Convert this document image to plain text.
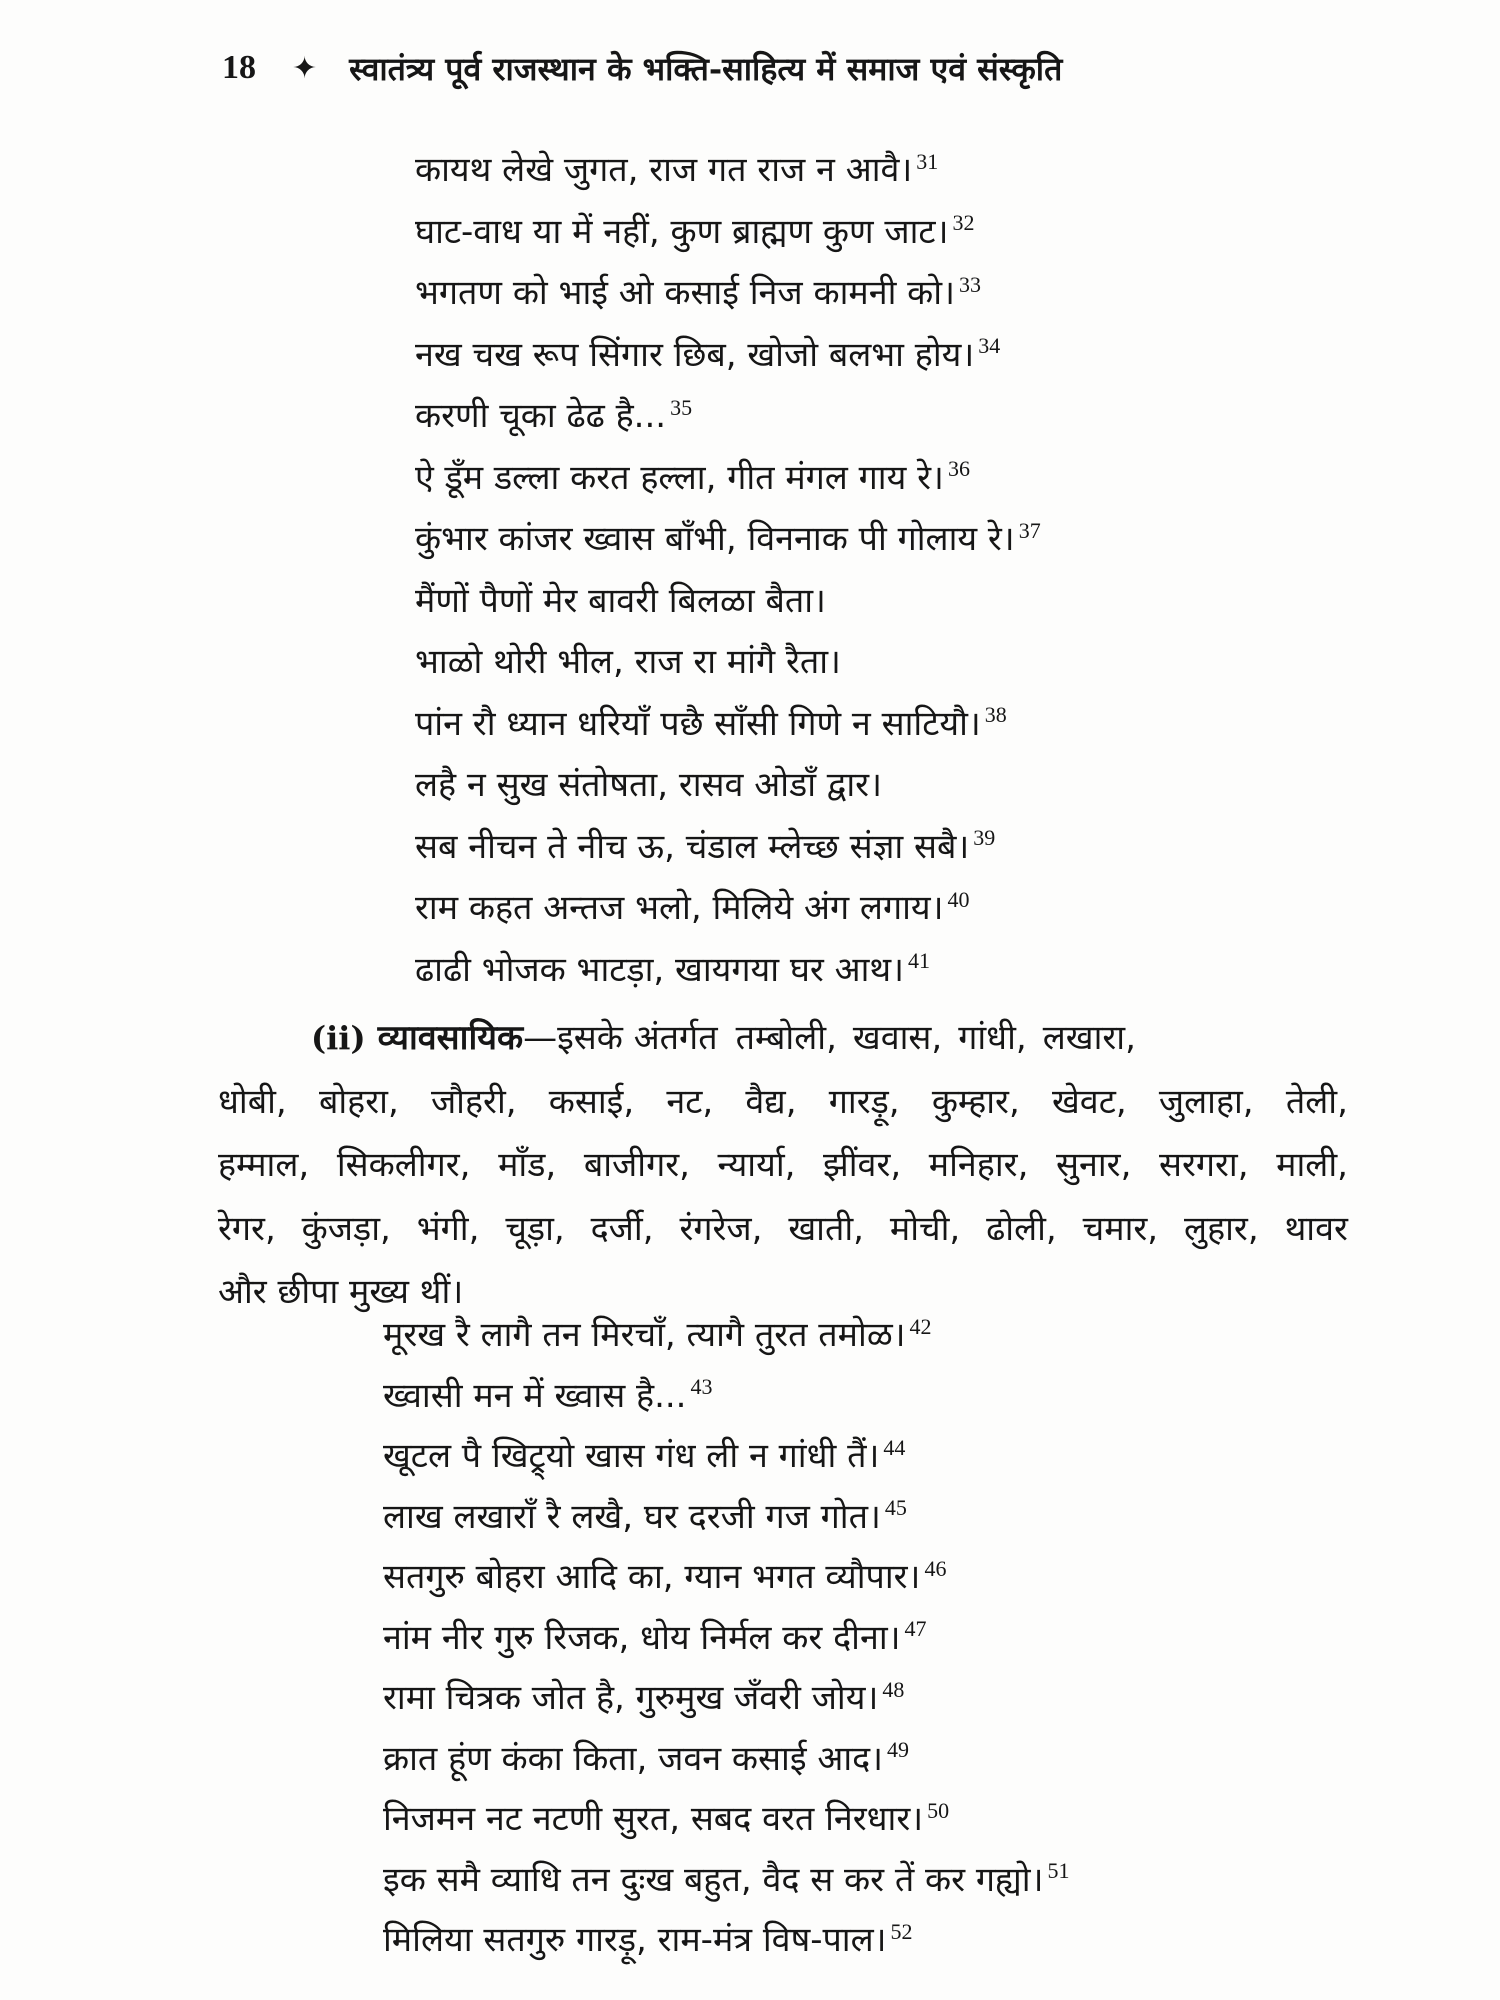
18 ✦ स्वातंत्र्य पूर्व राजस्थान के भक्ति-साहित्य में समाज एवं संस्कृति
कायथ लेखे जुगत, राज गत राज न आवै। $^{31}$
घाट-वाध या में नहीं, कुण ब्राह्मण कुण जाट। $^{32}$
भगतण को भाई ओ कसाई निज कामनी को। $^{33}$
नख चख रूप सिंगार छिब, खोजो बलभा होय। $^{34}$
करणी चूका ढेढ है... $^{35}$
ऐ डूँम डल्ला करत हल्ला, गीत मंगल गाय रे। $^{36}$
कुंभार कांजर ख्वास बाँभी, विननाक पी गोलाय रे। $^{37}$
मैंणों पैणों मेर बावरी बिलळा बैता।
भाळो थोरी भील, राज रा मांगै रैता।
पांन रौ ध्यान धरियाँ पछै साँसी गिणे न साटियौ। $^{38}$
लहै न सुख संतोषता, रासव ओडाँ द्वार।
सब नीचन ते नीच ऊ, चंडाल म्लेच्छ संज्ञा सबै। $^{39}$
राम कहत अन्तज भलो, मिलिये अंग लगाय। $^{40}$
ढाढी भोजक भाटड़ा, खायगया घर आथ। $^{41}$
(ii) व्यावसायिक —इसके अंतर्गत तम्बोली, खवास, गांधी, लखारा,
धोबी, बोहरा, जौहरी, कसाई, नट, वैद्य, गारड़ू, कुम्हार, खेवट, जुलाहा, तेली,
हम्माल, सिकलीगर, मॉंड, बाजीगर, न्यार्या, झींवर, मनिहार, सुनार, सरगरा, माली,
रेगर, कुंजड़ा, भंगी, चूड़ा, दर्जी, रंगरेज, खाती, मोची, ढोली, चमार, लुहार, थावर
और छीपा मुख्य थीं।
मूरख रै लागै तन मिरचाँ, त्यागै तुरत तमोळ। $^{42}$
ख्वासी मन में ख्वास है... $^{43}$
खूटल पै खिट्र्यो खास गंध ली न गांधी तैं। $^{44}$
लाख लखाराँ रै लखै, घर दरजी गज गोत। $^{45}$
सतगुरु बोहरा आदि का, ग्यान भगत व्यौपार। $^{46}$
नांम नीर गुरु रिजक, धोय निर्मल कर दीना। $^{47}$
रामा चित्रक जोत है, गुरुमुख जँवरी जोय। $^{48}$
क्रात हूंण कंका किता, जवन कसाई आद। $^{49}$
निजमन नट नटणी सुरत, सबद वरत निरधार। $^{50}$
इक समै व्याधि तन दुःख बहुत, वैद स कर तें कर गह्यो। $^{51}$
मिलिया सतगुरु गारड़ू, राम-मंत्र विष-पाल। $^{52}$
